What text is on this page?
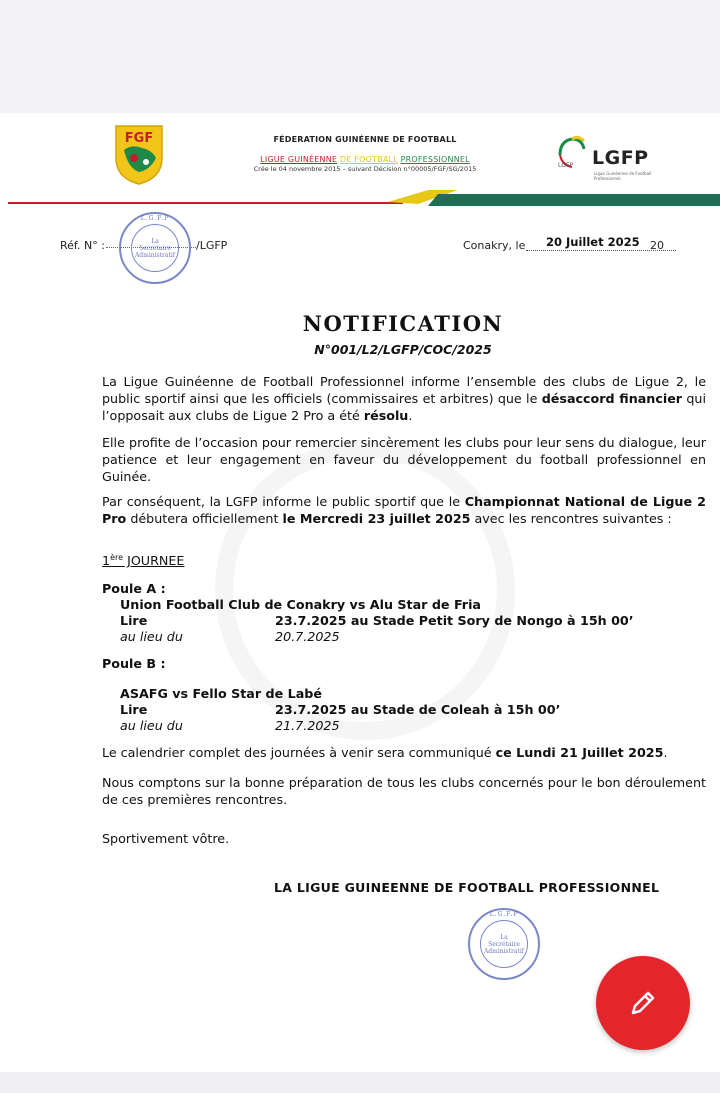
FGF	FÉDERATION GUINÉENNE DE FOOTBALL
LIGUE GUINÉENNE DE FOOTBALL PROFESSIONNEL
Crée le 04 novembre 2015 – suivant Décision n°00005/FGF/SG/2015	LGFP LGFP
Ligue Guinéenne de Football Professionnel
Réf. N° :	/LGFP	Conakry, le 20 Juillet 2025 20
L.G.F.P
La
Secrétaire
Administratif
NOTIFICATION
N°001/L2/LGFP/COC/2025
La Ligue Guinéenne de Football Professionnel informe l’ensemble des clubs de Ligue 2, le public sportif ainsi que les officiels (commissaires et arbitres) que le désaccord financier qui l’opposait aux clubs de Ligue 2 Pro a été résolu.
Elle profite de l’occasion pour remercier sincèrement les clubs pour leur sens du dialogue, leur patience et leur engagement en faveur du développement du football professionnel en Guinée.
Par conséquent, la LGFP informe le public sportif que le Championnat National de Ligue 2 Pro débutera officiellement le Mercredi 23 juillet 2025 avec les rencontres suivantes :
1ère JOURNEE
Poule A :
Union Football Club de Conakry vs Alu Star de Fria
Lire	23.7.2025 au Stade Petit Sory de Nongo à 15h 00’
au lieu du	20.7.2025
Poule B :
ASAFG vs Fello Star de Labé
Lire	23.7.2025 au Stade de Coleah à 15h 00’
au lieu du	21.7.2025
Le calendrier complet des journées à venir sera communiqué ce Lundi 21 Juillet 2025.
Nous comptons sur la bonne préparation de tous les clubs concernés pour le bon déroulement de ces premières rencontres.
Sportivement vôtre.
LA LIGUE GUINEENNE DE FOOTBALL PROFESSIONNEL
L.G.F.P
La
Secrétaire
Administratif
